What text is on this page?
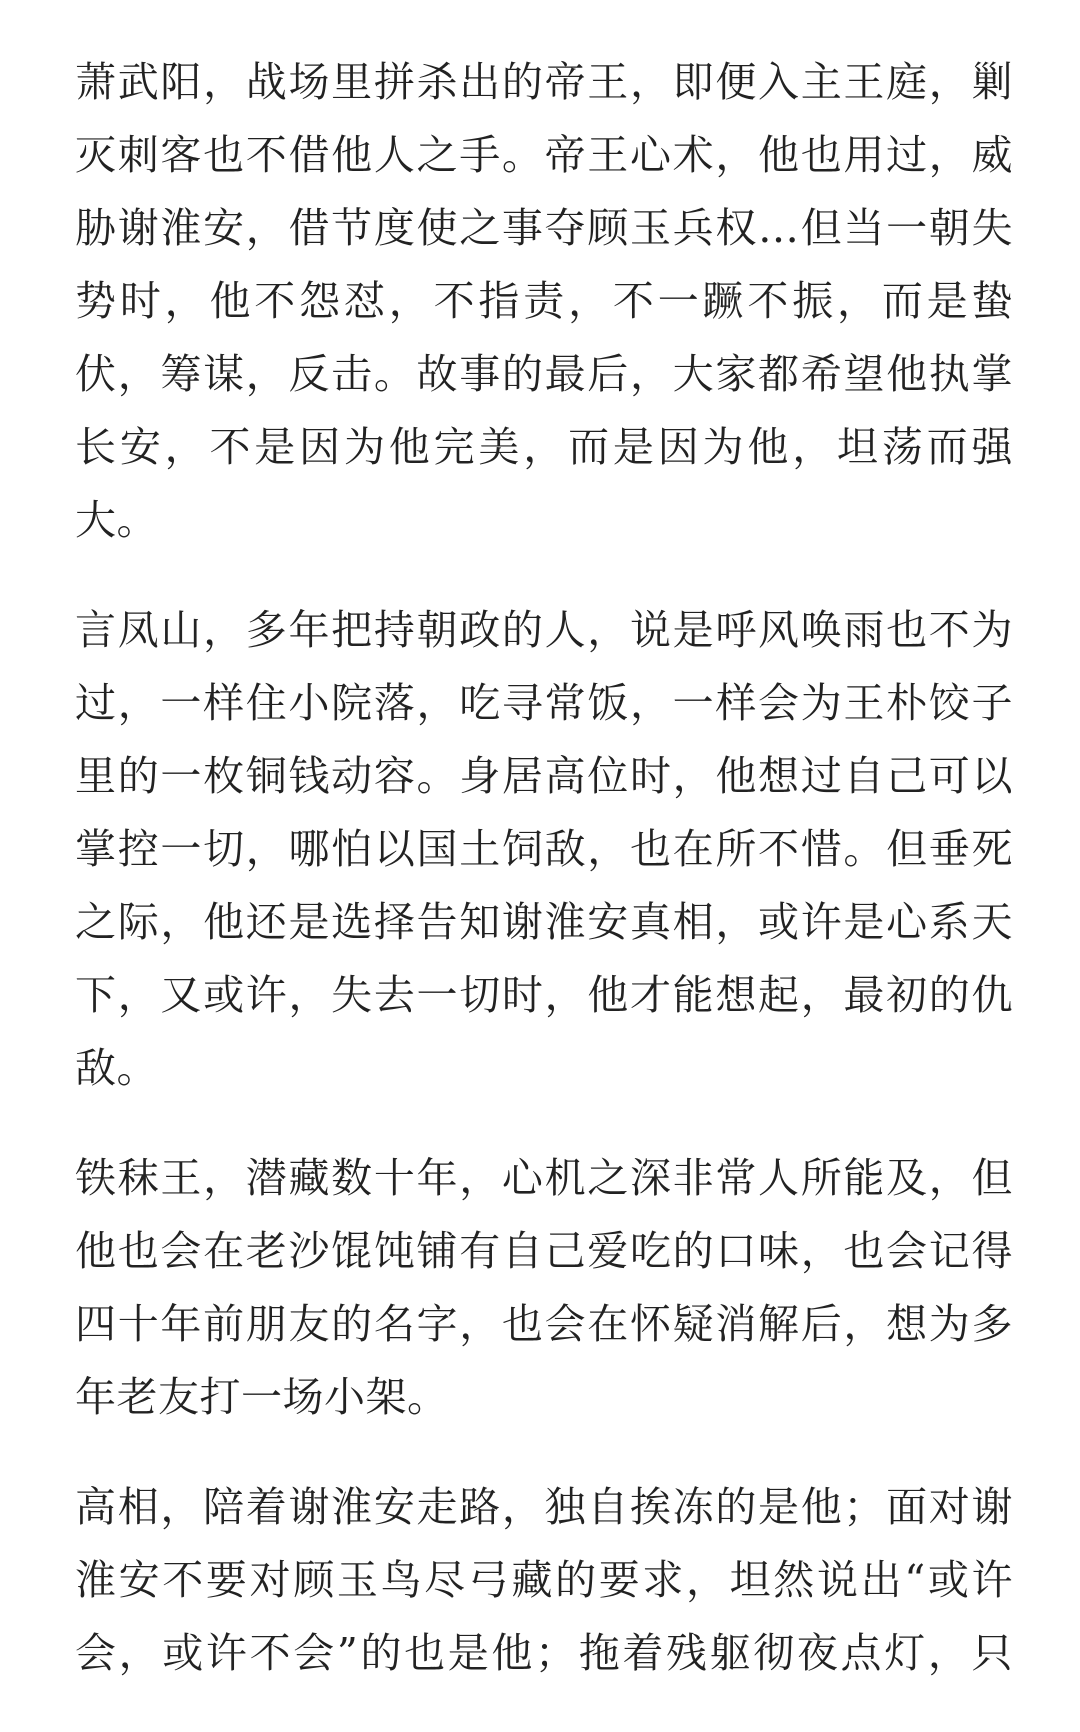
萧武阳，战场里拼杀出的帝王，即便入主王庭，剿
灭刺客也不借他人之手。帝王心术，他也用过，威
胁谢淮安，借节度使之事夺顾玉兵权…但当一朝失
势时，他不怨怼，不指责，不一蹶不振，而是蛰
伏，筹谋，反击。故事的最后，大家都希望他执掌
长安，不是因为他完美，而是因为他，坦荡而强
大。
言凤山，多年把持朝政的人，说是呼风唤雨也不为
过，一样住小院落，吃寻常饭，一样会为王朴饺子
里的一枚铜钱动容。身居高位时，他想过自己可以
掌控一切，哪怕以国土饲敌，也在所不惜。但垂死
之际，他还是选择告知谢淮安真相，或许是心系天
下，又或许，失去一切时，他才能想起，最初的仇
敌。
铁秣王，潜藏数十年，心机之深非常人所能及，但
他也会在老沙馄饨铺有自己爱吃的口味，也会记得
四十年前朋友的名字，也会在怀疑消解后，想为多
年老友打一场小架。
高相，陪着谢淮安走路，独自挨冻的是他；面对谢
淮安不要对顾玉鸟尽弓藏的要求，坦然说出“或许
会，或许不会”的也是他；拖着残躯彻夜点灯，只
